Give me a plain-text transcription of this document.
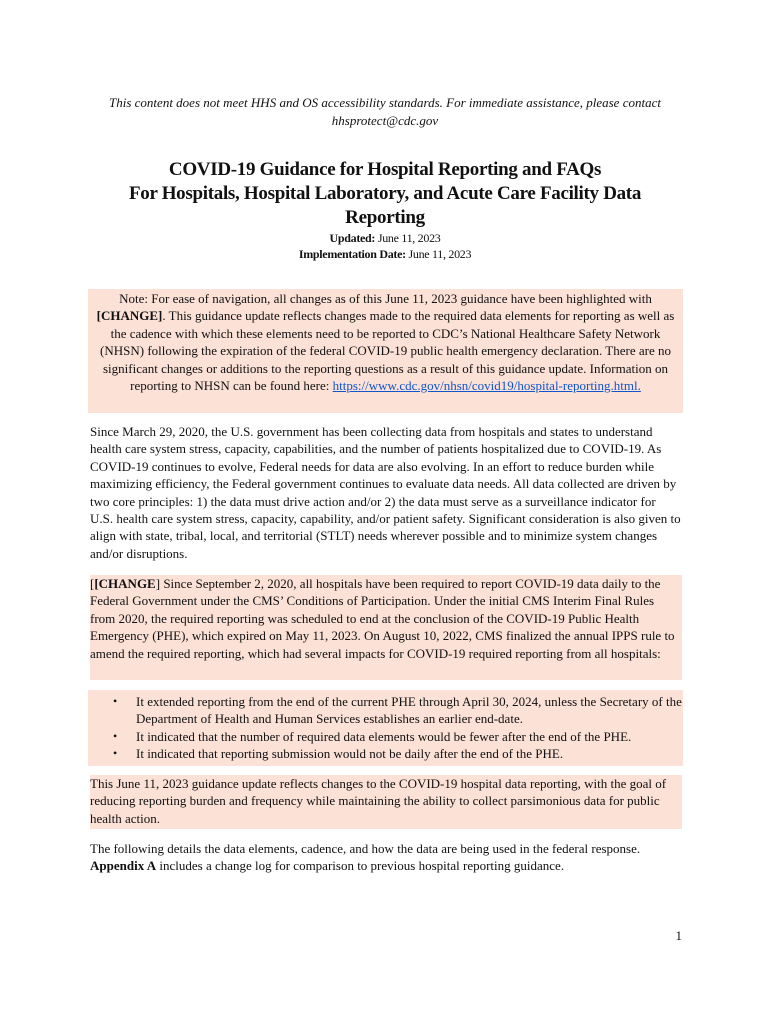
This content does not meet HHS and OS accessibility standards. For immediate assistance, please contact hhsprotect@cdc.gov
COVID-19 Guidance for Hospital Reporting and FAQs
For Hospitals, Hospital Laboratory, and Acute Care Facility Data
Reporting
Updated: June 11, 2023
Implementation Date: June 11, 2023
Note: For ease of navigation, all changes as of this June 11, 2023 guidance have been highlighted with [CHANGE]. This guidance update reflects changes made to the required data elements for reporting as well as the cadence with which these elements need to be reported to CDC’s National Healthcare Safety Network (NHSN) following the expiration of the federal COVID-19 public health emergency declaration. There are no significant changes or additions to the reporting questions as a result of this guidance update. Information on reporting to NHSN can be found here: https://www.cdc.gov/nhsn/covid19/hospital-reporting.html.
Since March 29, 2020, the U.S. government has been collecting data from hospitals and states to understand health care system stress, capacity, capabilities, and the number of patients hospitalized due to COVID-19. As COVID-19 continues to evolve, Federal needs for data are also evolving. In an effort to reduce burden while maximizing efficiency, the Federal government continues to evaluate data needs. All data collected are driven by two core principles: 1) the data must drive action and/or 2) the data must serve as a surveillance indicator for U.S. health care system stress, capacity, capability, and/or patient safety. Significant consideration is also given to align with state, tribal, local, and territorial (STLT) needs wherever possible and to minimize system changes and/or disruptions.
[[CHANGE] Since September 2, 2020, all hospitals have been required to report COVID-19 data daily to the Federal Government under the CMS’ Conditions of Participation. Under the initial CMS Interim Final Rules from 2020, the required reporting was scheduled to end at the conclusion of the COVID-19 Public Health Emergency (PHE), which expired on May 11, 2023. On August 10, 2022, CMS finalized the annual IPPS rule to amend the required reporting, which had several impacts for COVID-19 required reporting from all hospitals:
• It extended reporting from the end of the current PHE through April 30, 2024, unless the Secretary of the Department of Health and Human Services establishes an earlier end-date.
• It indicated that the number of required data elements would be fewer after the end of the PHE.
• It indicated that reporting submission would not be daily after the end of the PHE.
This June 11, 2023 guidance update reflects changes to the COVID-19 hospital data reporting, with the goal of reducing reporting burden and frequency while maintaining the ability to collect parsimonious data for public health action.
The following details the data elements, cadence, and how the data are being used in the federal response. Appendix A includes a change log for comparison to previous hospital reporting guidance.
1
